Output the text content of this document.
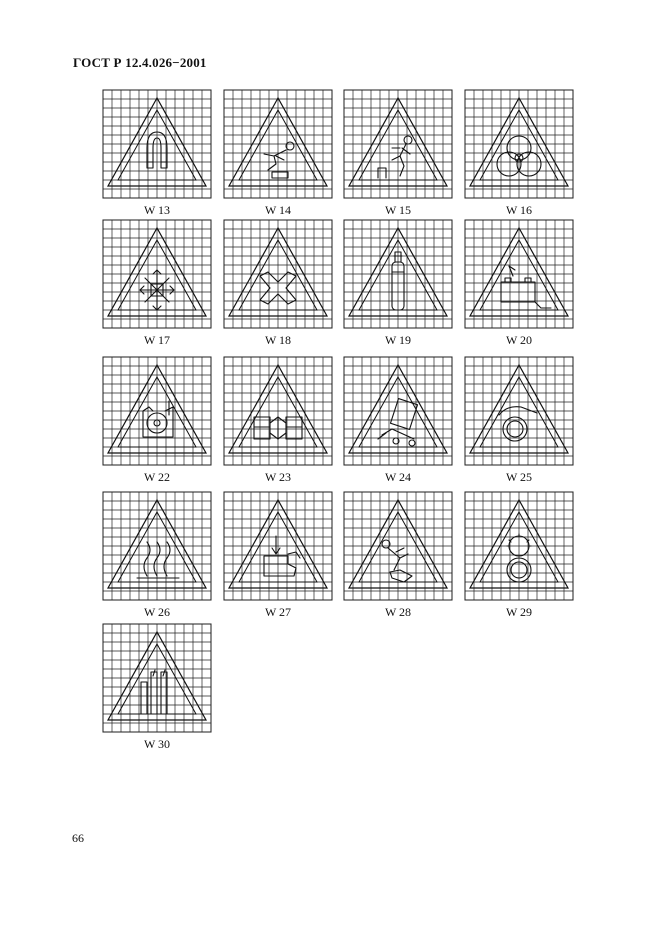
ГОСТ Р 12.4.026−2001
W 13	W 14	W 15	W 16
W 17	W 18	W 19	W 20
W 22	W 23	W 24	W 25
W 26	W 27	W 28	W 29
W 30
66
